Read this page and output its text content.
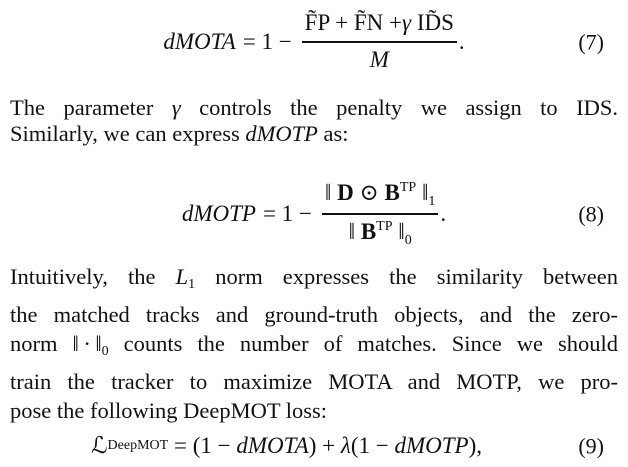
dMOTA = $1 - \frac{\text{F̃P + F̃N +γ ID̃S}}{M}$ .	(7)
The parameter γ controls the penalty we assign to IDS.
Similarly, we can express dMOTP as:
dMOTP = $1 - \frac{‖ D ⊙ B^{TP} ‖_1}{‖ B^{TP} ‖_0}$ .	(8)
Intuitively, the L1 norm expresses the similarity between
the matched tracks and ground-truth objects, and the zero-
norm ‖ · ‖0 counts the number of matches. Since we should
train the tracker to maximize MOTA and MOTP, we pro-
pose the following DeepMOT loss:
ℒ DeepMOT = (1 − dMOTA ) + λ (1 − dMOTP ),	(9)
